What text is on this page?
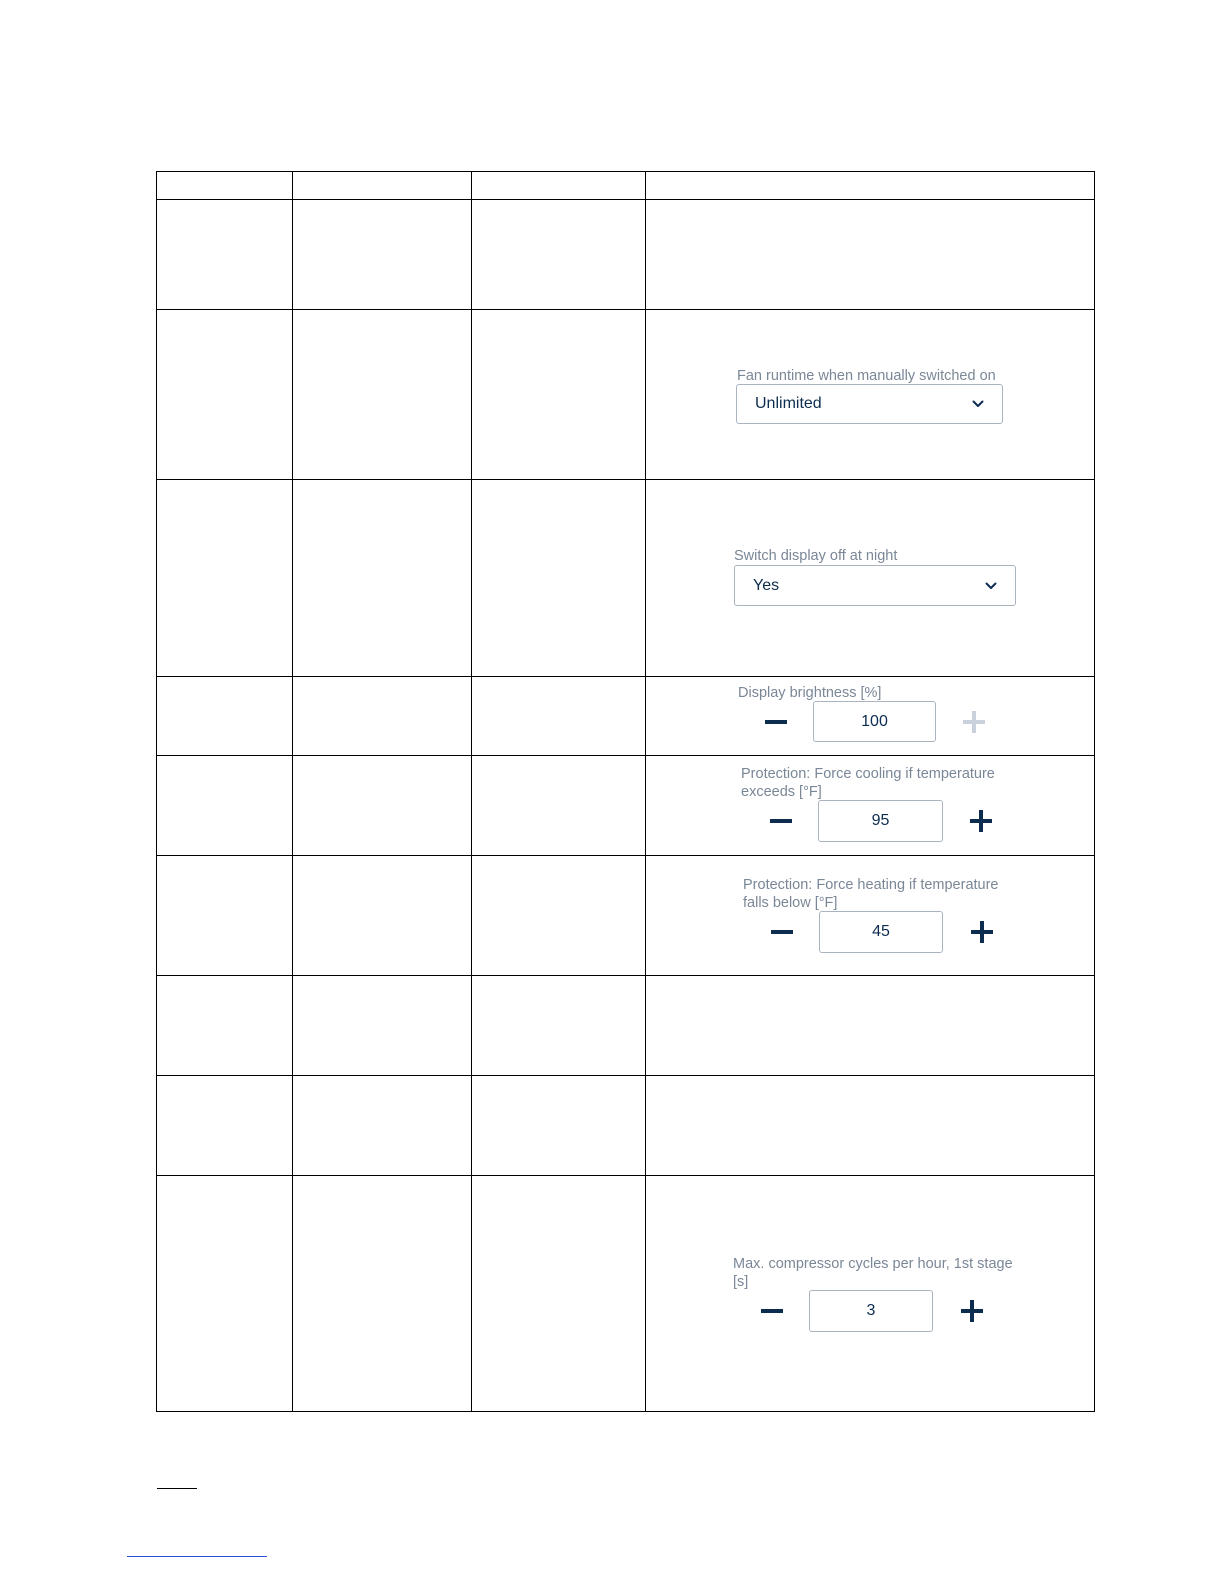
Fan runtime when manually switched on
Unlimited
Switch display off at night
Yes
Display brightness [%]
100
Protection: Force cooling if temperature
exceeds [°F]
95
Protection: Force heating if temperature
falls below [°F]
45
Max. compressor cycles per hour, 1st stage
[s]
3
